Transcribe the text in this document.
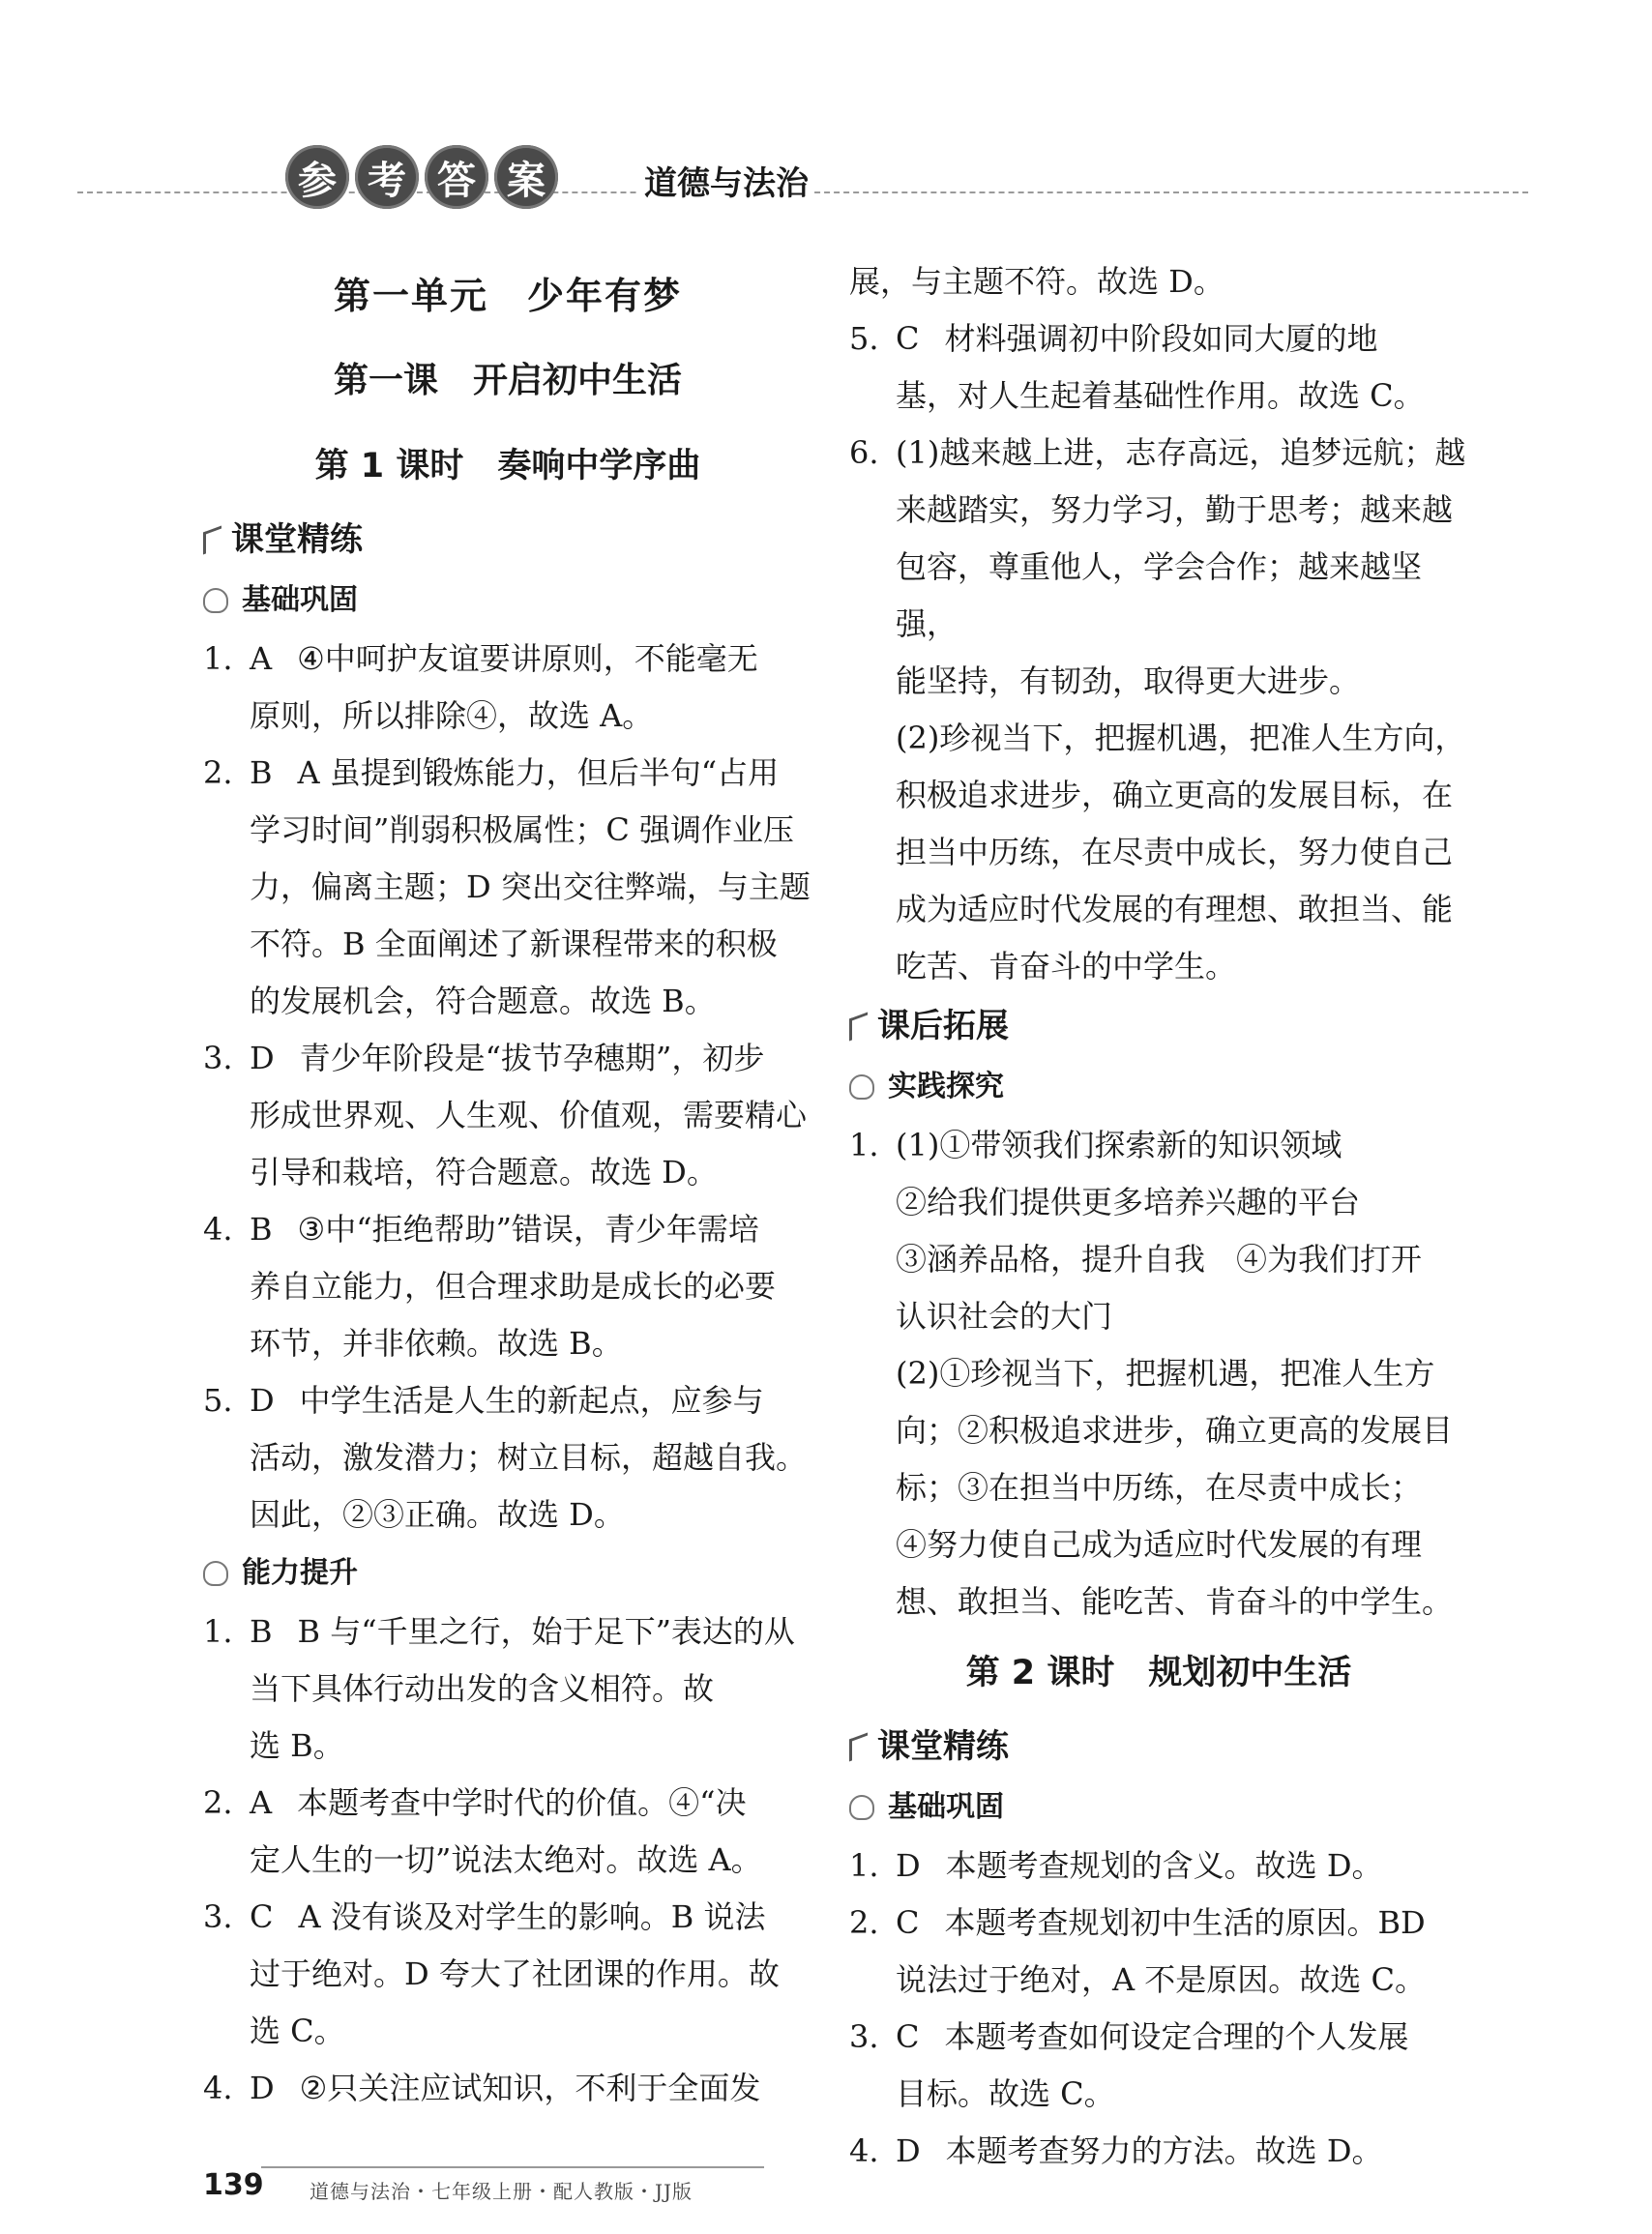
参 考 答 案	道德与法治
第一单元　少年有梦
第一课　开启初中生活
第 1 课时　奏响中学序曲
课堂精练
基础巩固
1. A ④中呵护友谊要讲原则，不能毫无
原则，所以排除④，故选 A。
2. B A 虽提到锻炼能力，但后半句“占用
学习时间”削弱积极属性；C 强调作业压
力，偏离主题；D 突出交往弊端，与主题
不符。B 全面阐述了新课程带来的积极
的发展机会，符合题意。故选 B。
3. D 青少年阶段是“拔节孕穗期”，初步
形成世界观、人生观、价值观，需要精心
引导和栽培，符合题意。故选 D。
4. B ③中“拒绝帮助”错误，青少年需培
养自立能力，但合理求助是成长的必要
环节，并非依赖。故选 B。
5. D 中学生活是人生的新起点，应参与
活动，激发潜力；树立目标，超越自我。
因此，②③正确。故选 D。
能力提升
1. B B 与“千里之行，始于足下”表达的从
当下具体行动出发的含义相符。故
选 B。
2. A 本题考查中学时代的价值。④“决
定人生的一切”说法太绝对。故选 A。
3. C A 没有谈及对学生的影响。B 说法
过于绝对。D 夸大了社团课的作用。故
选 C。
4. D ②只关注应试知识，不利于全面发
展，与主题不符。故选 D。
5. C 材料强调初中阶段如同大厦的地
基，对人生起着基础性作用。故选 C。
6. (1)越来越上进，志存高远，追梦远航；越
来越踏实，努力学习，勤于思考；越来越
包容，尊重他人，学会合作；越来越坚强，
能坚持，有韧劲，取得更大进步。
(2)珍视当下，把握机遇，把准人生方向，
积极追求进步，确立更高的发展目标，在
担当中历练，在尽责中成长，努力使自己
成为适应时代发展的有理想、敢担当、能
吃苦、肯奋斗的中学生。
课后拓展
实践探究
1. (1)①带领我们探索新的知识领域
②给我们提供更多培养兴趣的平台
③涵养品格，提升自我　④为我们打开
认识社会的大门
(2)①珍视当下，把握机遇，把准人生方
向；②积极追求进步，确立更高的发展目
标；③在担当中历练，在尽责中成长；
④努力使自己成为适应时代发展的有理
想、敢担当、能吃苦、肯奋斗的中学生。
第 2 课时　规划初中生活
课堂精练
基础巩固
1. D 本题考查规划的含义。故选 D。
2. C 本题考查规划初中生活的原因。BD
说法过于绝对，A 不是原因。故选 C。
3. C 本题考查如何设定合理的个人发展
目标。故选 C。
4. D 本题考查努力的方法。故选 D。
139 道德与法治・七年级上册・配人教版・JJ版
